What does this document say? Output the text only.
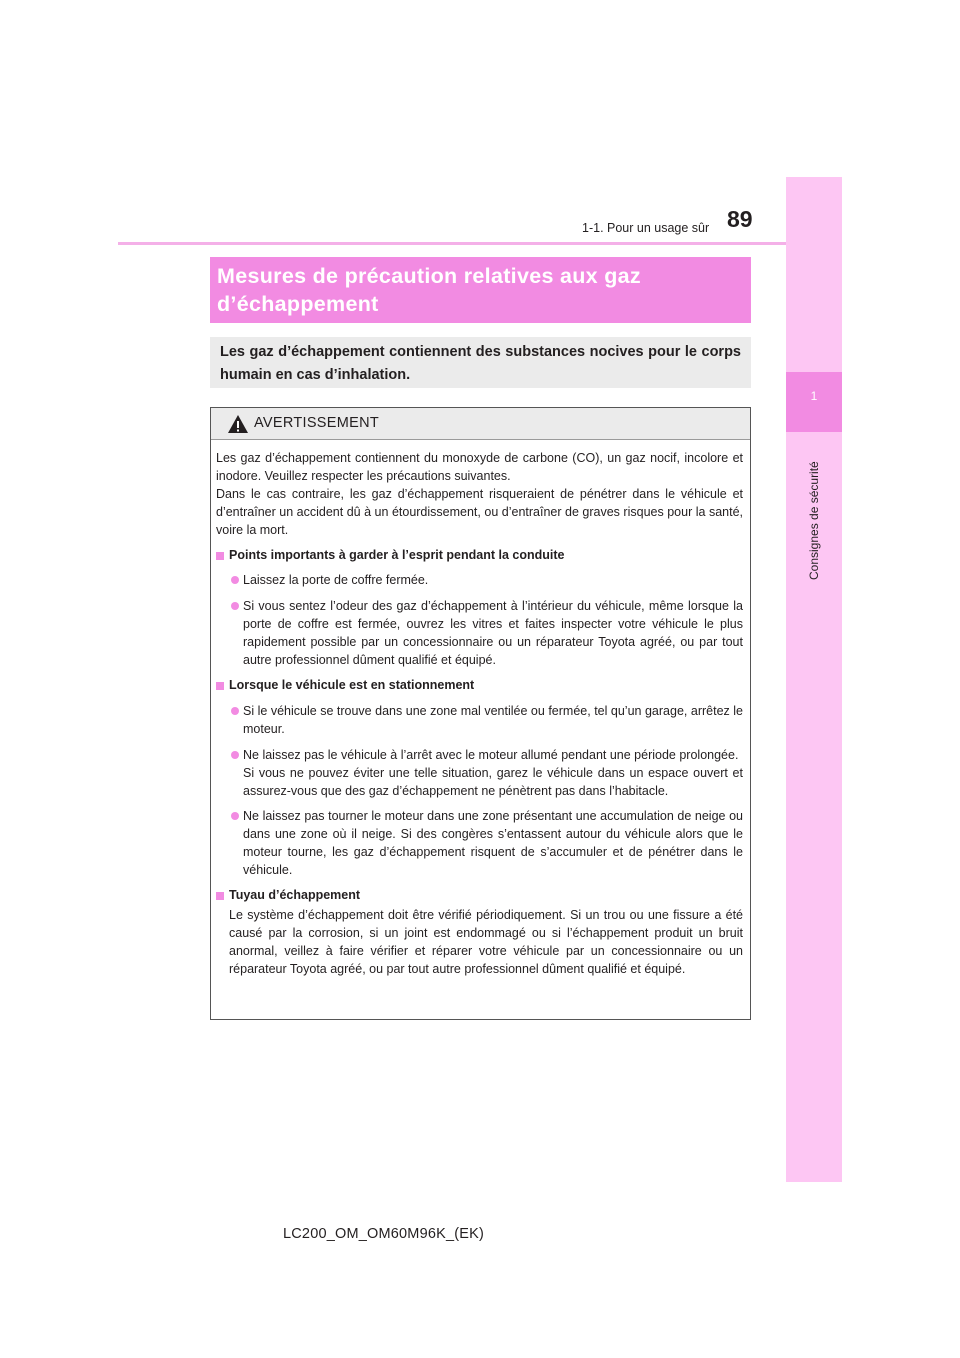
1
Consignes de sécurité
1-1. Pour un usage sûr 89
Mesures de précaution relatives aux gaz d’échappement
Les gaz d’échappement contiennent des substances nocives pour le corps humain en cas d’inhalation.
AVERTISSEMENT
Les gaz d’échappement contiennent du monoxyde de carbone (CO), un gaz nocif, incolore et inodore. Veuillez respecter les précautions suivantes.
Dans le cas contraire, les gaz d’échappement risqueraient de pénétrer dans le véhicule et d’entraîner un accident dû à un étourdissement, ou d’entraîner de graves risques pour la santé, voire la mort.
Points importants à garder à l’esprit pendant la conduite
Laissez la porte de coffre fermée.
Si vous sentez l’odeur des gaz d’échappement à l’intérieur du véhicule, même lorsque la porte de coffre est fermée, ouvrez les vitres et faites inspecter votre véhicule le plus rapidement possible par un concessionnaire ou un réparateur Toyota agréé, ou par tout autre professionnel dûment qualifié et équipé.
Lorsque le véhicule est en stationnement
Si le véhicule se trouve dans une zone mal ventilée ou fermée, tel qu’un garage, arrêtez le moteur.
Ne laissez pas le véhicule à l’arrêt avec le moteur allumé pendant une période prolongée.
Si vous ne pouvez éviter une telle situation, garez le véhicule dans un espace ouvert et assurez-vous que des gaz d’échappement ne pénètrent pas dans l’habitacle.
Ne laissez pas tourner le moteur dans une zone présentant une accumulation de neige ou dans une zone où il neige. Si des congères s’entassent autour du véhicule alors que le moteur tourne, les gaz d’échappement risquent de s’accumuler et de pénétrer dans le véhicule.
Tuyau d’échappement
Le système d’échappement doit être vérifié périodiquement. Si un trou ou une fissure a été causé par la corrosion, si un joint est endommagé ou si l’échappement produit un bruit anormal, veillez à faire vérifier et réparer votre véhicule par un concessionnaire ou un réparateur Toyota agréé, ou par tout autre professionnel dûment qualifié et équipé.
LC200_OM_OM60M96K_(EK)
